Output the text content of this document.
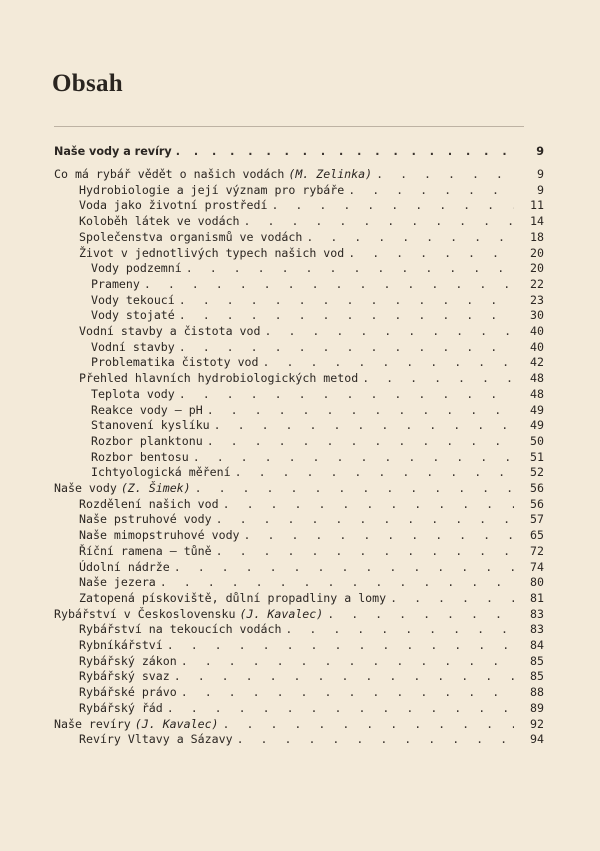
Obsah
Naše vody a revíry . . .	9
Co má rybář vědět o našich vodách (M. Zelinka) . . .	9
Hydrobiologie a její význam pro rybáře . . .	9
Voda jako životní prostředí . . .	11
Koloběh látek ve vodách . . .	14
Společenstva organismů ve vodách . . .	18
Život v jednotlivých typech našich vod . . .	20
Vody podzemní . . .	20
Prameny . . .	22
Vody tekoucí . . .	23
Vody stojaté . . .	30
Vodní stavby a čistota vod . . .	40
Vodní stavby . . .	40
Problematika čistoty vod . . .	42
Přehled hlavních hydrobiologických metod . . .	48
Teplota vody . . .	48
Reakce vody — pH . . .	49
Stanovení kyslíku . . .	49
Rozbor planktonu . . .	50
Rozbor bentosu . . .	51
Ichtyologická měření . . .	52
Naše vody (Z. Šimek) . . .	56
Rozdělení našich vod . . .	56
Naše pstruhové vody . . .	57
Naše mimopstruhové vody . . .	65
Říční ramena — tůně . . .	72
Údolní nádrže . . .	74
Naše jezera . . .	80
Zatopená pískoviště, důlní propadliny a lomy . . .	81
Rybářství v Československu (J. Kavalec) . . .	83
Rybářství na tekoucích vodách . . .	83
Rybníkářství . . .	84
Rybářský zákon . . .	85
Rybářský svaz . . .	85
Rybářské právo . . .	88
Rybářský řád . . .	89
Naše revíry (J. Kavalec) . . .	92
Revíry Vltavy a Sázavy . . .	94
